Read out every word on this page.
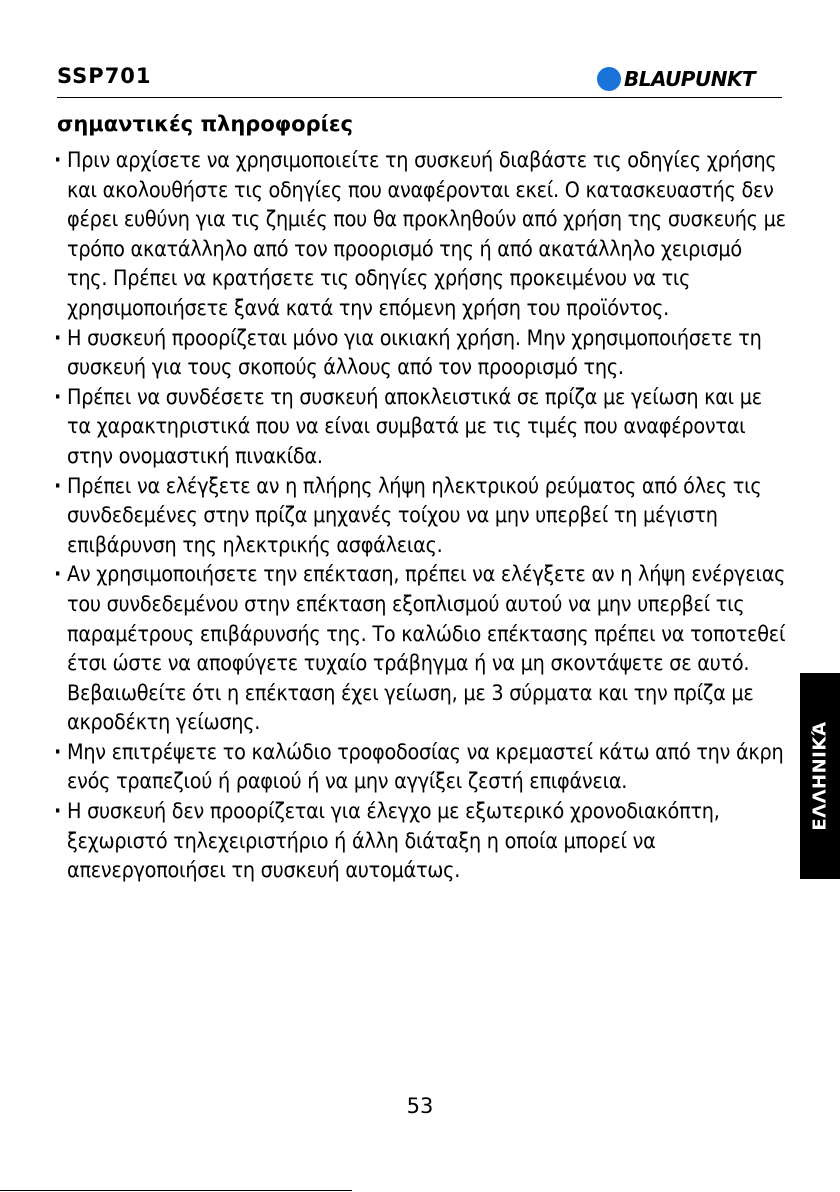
SSP701	BLAUPUNKT
σημαντικές πληροφορίες
· Πριν αρχίσετε να χρησιμοποιείτε τη συσκευή διαβάστε τις οδηγίες χρήσης και ακολουθήστε τις οδηγίες που αναφέρονται εκεί. Ο κατασκευαστής δεν φέρει ευθύνη για τις ζημιές που θα προκληθούν από χρήση της συσκευής με τρόπο ακατάλληλο από τον προορισμό της ή από ακατάλληλο χειρισμό της. Πρέπει να κρατήσετε τις οδηγίες χρήσης προκειμένου να τις χρησιμοποιήσετε ξανά κατά την επόμενη χρήση του προϊόντος.
· Η συσκευή προορίζεται μόνο για οικιακή χρήση. Μην χρησιμοποιήσετε τη συσκευή για τους σκοπούς άλλους από τον προορισμό της.
· Πρέπει να συνδέσετε τη συσκευή αποκλειστικά σε πρίζα με γείωση και με τα χαρακτηριστικά που να είναι συμβατά με τις τιμές που αναφέρονται στην ονομαστική πινακίδα.
· Πρέπει να ελέγξετε αν η πλήρης λήψη ηλεκτρικού ρεύματος από όλες τις συνδεδεμένες στην πρίζα μηχανές τοίχου να μην υπερβεί τη μέγιστη επιβάρυνση της ηλεκτρικής ασφάλειας.
· Αν χρησιμοποιήσετε την επέκταση, πρέπει να ελέγξετε αν η λήψη ενέργειας του συνδεδεμένου στην επέκταση εξοπλισμού αυτού να μην υπερβεί τις παραμέτρους επιβάρυνσής της. Το καλώδιο επέκτασης πρέπει να τοποτεθεί έτσι ώστε να αποφύγετε τυχαίο τράβηγμα ή να μη σκοντάψετε σε αυτό. Βεβαιωθείτε ότι η επέκταση έχει γείωση, με 3 σύρματα και την πρίζα με ακροδέκτη γείωσης.
· Μην επιτρέψετε το καλώδιο τροφοδοσίας να κρεμαστεί κάτω από την άκρη ενός τραπεζιού ή ραφιού ή να μην αγγίξει ζεστή επιφάνεια.
· Η συσκευή δεν προορίζεται για έλεγχο με εξωτερικό χρονοδιακόπτη, ξεχωριστό τηλεχειριστήριο ή άλλη διάταξη η οποία μπορεί να απενεργοποιήσει τη συσκευή αυτομάτως.
ΕΛΛΗΝΙΚΆ
53
